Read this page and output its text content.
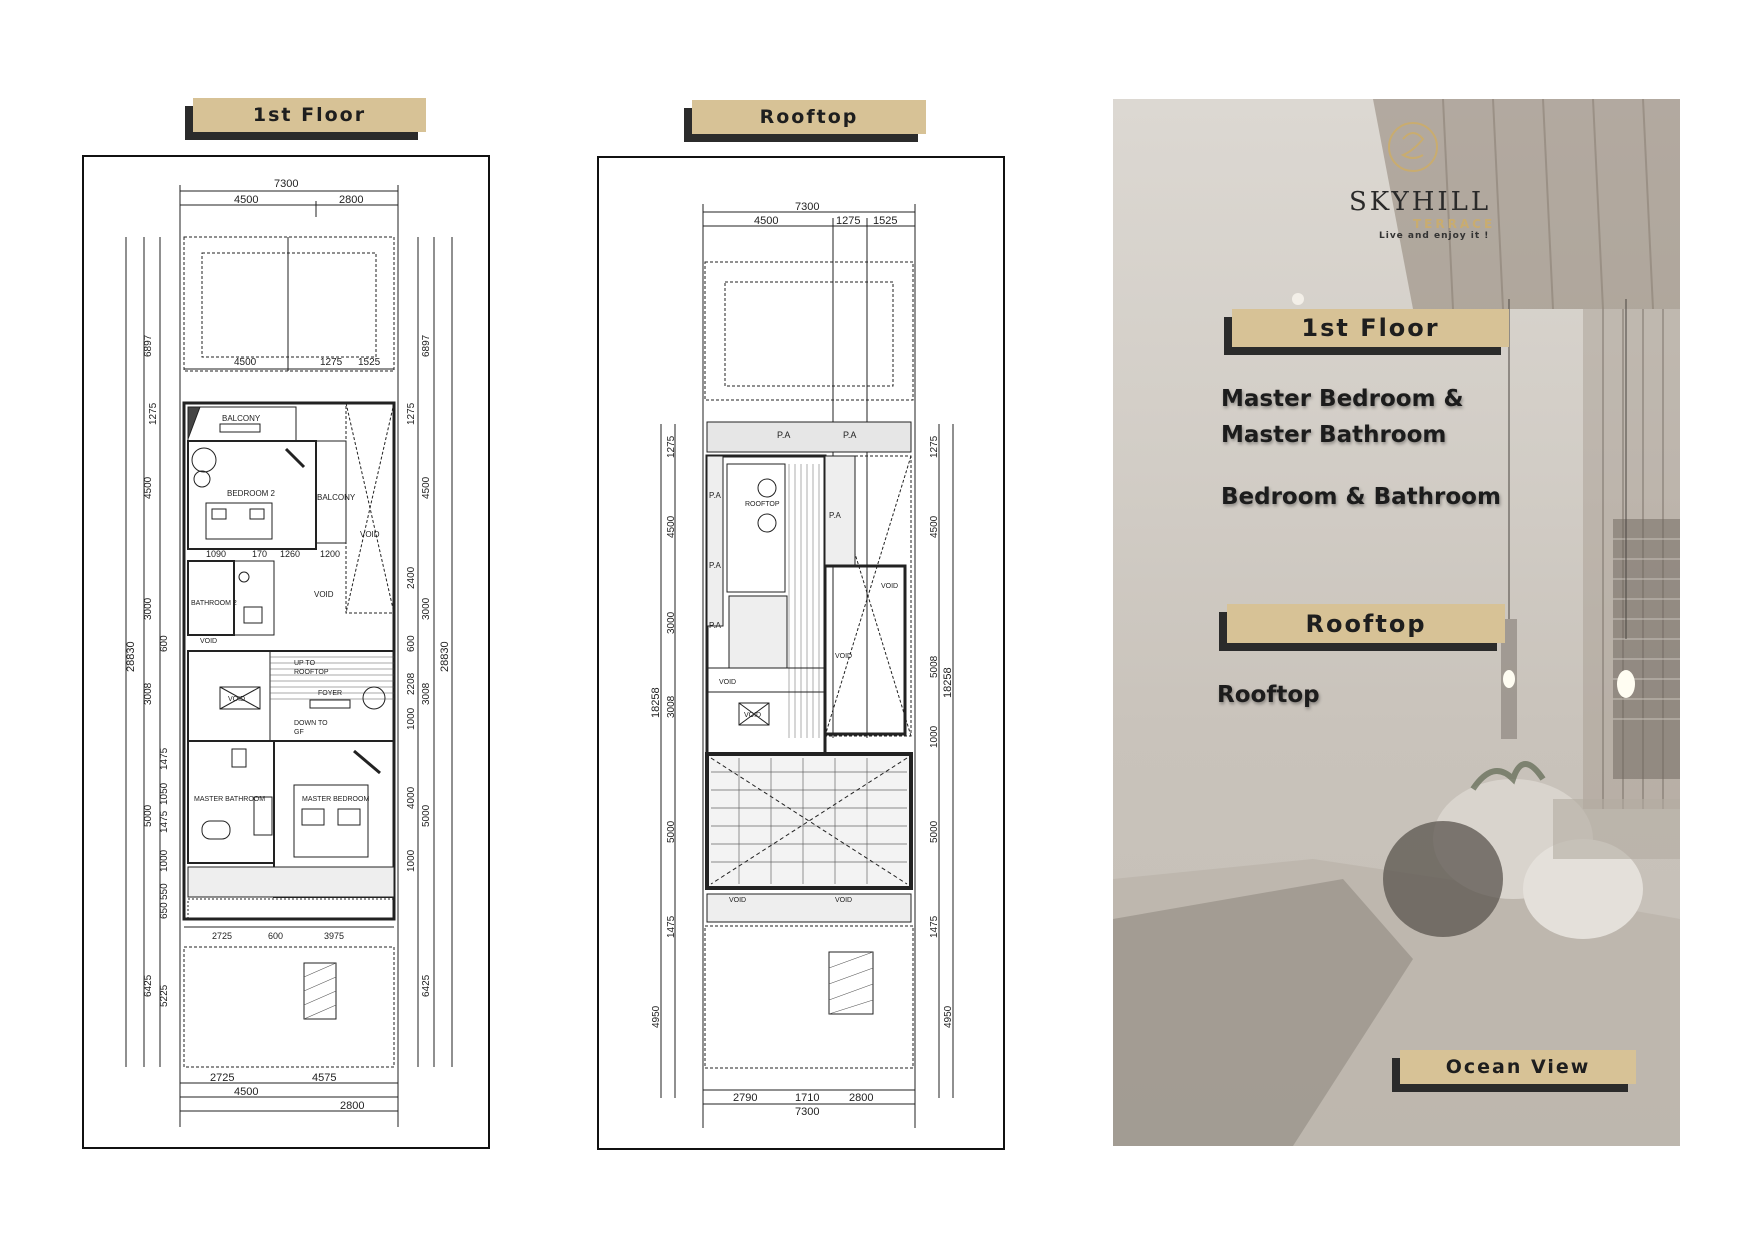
1st Floor	Rooftop
7300
4500	2800
4500	1275 1525
6897
1275
4500
3000
600
3008
28830
1475
1050
5000 1475
1000
550
650
6425 5225
6897
1275
4500
2400
3000
600
2208 3008
28830
1000
4000
5000
1000
6425
BALCONY
BEDROOM 2	BALCONY
VOID
VOID
1090	170 1260 1200
BATHROOM 2
VOID
VOID
UP TO
ROOFTOP
FOYER
DOWN TO
GF
MASTER BATHROOM	MASTER BEDROOM
2725	600	3975
2725	4575
4500
2800
7300
4500	1275 1525
1275
4500
3000
18258 3008
5000
1475
4950
1275
4500
5008
18258
1000
5000
1475
4950
P.A	P.A
P.A
P.A
P.A
ROOFTOP
VOID
VOID
P.A
VOID
VOID
VOID	VOID
2790	1710	2800
7300
SKYHILL
TERRACE
Live and enjoy it !
1st Floor
Master Bedroom &
Master Bathroom
Bedroom & Bathroom
Rooftop
Rooftop
Ocean View
